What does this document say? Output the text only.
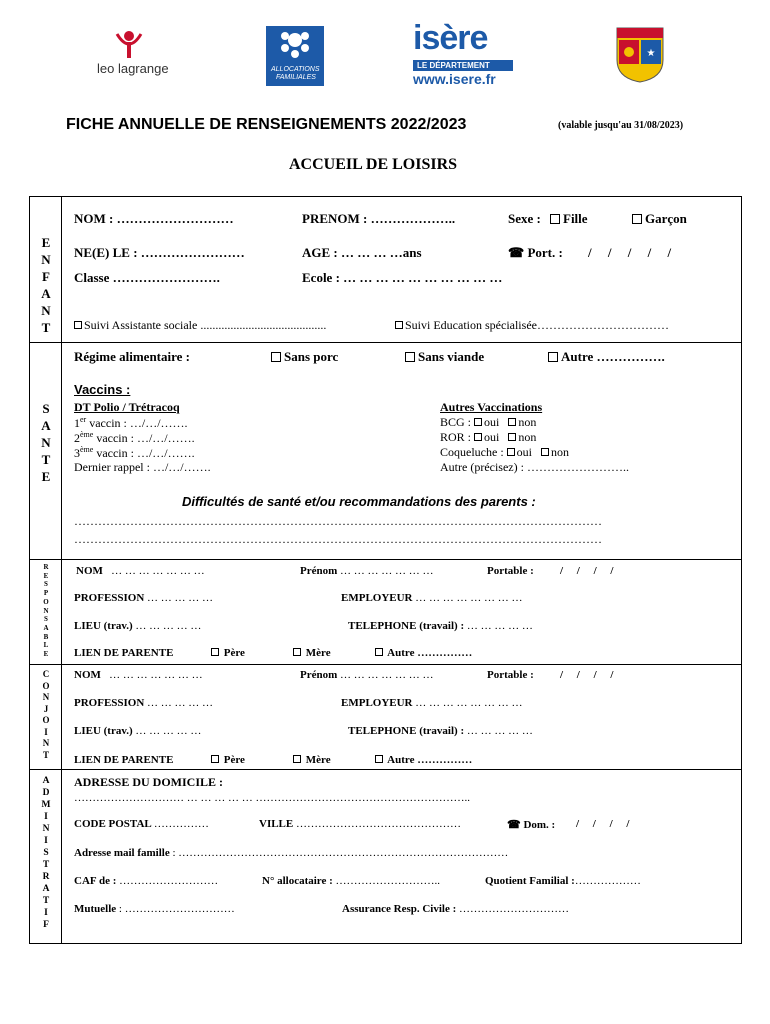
leo lagrange	ALLOCATIONS
FAMILIALES
isère
LE DÉPARTEMENT
www.isere.fr
★
FICHE ANNUELLE DE RENSEIGNEMENTS 2022/2023	(valable jusqu'au 31/08/2023)
ACCUEIL DE LOISIRS
E
N
F
A
N
T
NOM : ………………………	PRENOM : ………………..	Sexe :	Fille	Garçon
NE(E) LE : ……………………	AGE : … … … …ans	☎ Port. : /     /     /     /     /
Classe …………………….	Ecole : … … … … … … … … … …
Suivi Assistante sociale ..........................................	Suivi Education spécialisée……………………………
S
A
N
T
E
Régime alimentaire :	Sans porc	Sans viande	Autre …………….
Vaccins :
DT Polio / Trétracoq
1er vaccin : …/…/…….
2ème vaccin : …/…/…….
3ème vaccin : …/…/…….
Dernier rappel : …/…/…….
Autres Vaccinations
BCG : oui non
ROR : oui non
Coqueluche : oui non
Autre (précisez) : ……………………..
Difficultés de santé et/ou recommandations des parents :
……………………………………………………………………………………………………………………
……………………………………………………………………………………………………………………
R
E
S
P
O
N
S
A
B
L
E
NOM … … … … … … …	Prénom … … … … … … …	Portable : /     /     /     /
PROFESSION … … … … …	EMPLOYEUR … … … … … … … …
LIEU (trav.) … … … … …	TELEPHONE (travail) : … … … … …
LIEN DE PARENTE	Père	Mère	Autre ……………
C
O
N
J
O
I
N
T
NOM … … … … … … …	Prénom … … … … … … …	Portable : /     /     /     /
PROFESSION … … … … …	EMPLOYEUR … … … … … … … …
LIEU (trav.) … … … … …	TELEPHONE (travail) : … … … … …
LIEN DE PARENTE	Père	Mère	Autre ……………
A
D
M
I
N
I
S
T
R
A
T
I
F
ADRESSE DU DOMICILE :
………………………… … … … … … …………………………………………………..
CODE POSTAL ……………	VILLE ………………………………………	☎ Dom. : /     /     /     /
Adresse mail famille : ………………………………………………………………………………
CAF de : ………………………	N° allocataire : ………………………..	Quotient Familial :………………
Mutuelle : …………………………	Assurance Resp. Civile : …………………………
